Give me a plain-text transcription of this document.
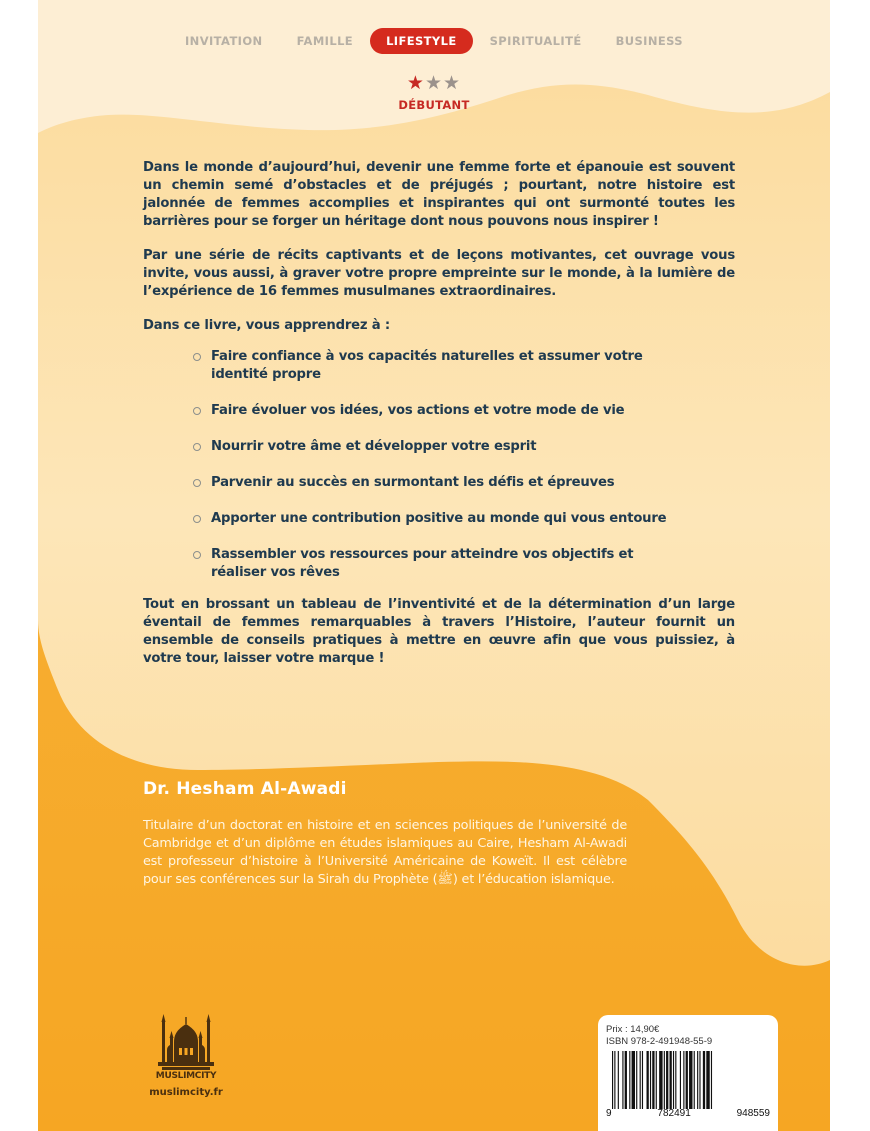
INVITATION	FAMILLE	LIFESTYLE	SPIRITUALITÉ	BUSINESS
★★★
DÉBUTANT

Dans le monde d’aujourd’hui, devenir une femme forte et épanouie est souvent un chemin semé d’obstacles et de préjugés ; pourtant, notre histoire est jalonnée de femmes accomplies et inspirantes qui ont surmonté toutes les barrières pour se forger un héritage dont nous pouvons nous inspirer !

Par une série de récits captivants et de leçons motivantes, cet ouvrage vous invite, vous aussi, à graver votre propre empreinte sur le monde, à la lumière de l’expérience de 16 femmes musulmanes extraordinaires.

Dans ce livre, vous apprendrez à :

Faire confiance à vos capacités naturelles et assumer votre identité propre
Faire évoluer vos idées, vos actions et votre mode de vie
Nourrir votre âme et développer votre esprit
Parvenir au succès en surmontant les défis et épreuves
Apporter une contribution positive au monde qui vous entoure
Rassembler vos ressources pour atteindre vos objectifs et réaliser vos rêves

Tout en brossant un tableau de l’inventivité et de la détermination d’un large éventail de femmes remarquables à travers l’Histoire, l’auteur fournit un ensemble de conseils pratiques à mettre en œuvre afin que vous puissiez, à votre tour, laisser votre marque !

Dr. Hesham Al-Awadi
Titulaire d’un doctorat en histoire et en sciences politiques de l’université de Cambridge et d’un diplôme en études islamiques au Caire, Hesham Al-Awadi est professeur d’histoire à l’Université Américaine de Koweït. Il est célèbre pour ses conférences sur la Sirah du Prophète (ﷺ) et l’éducation islamique.
MUSLIMCITY
muslimcity.fr
Prix : 14,90€
ISBN 978-2-491948-55-9
9	782491	948559
